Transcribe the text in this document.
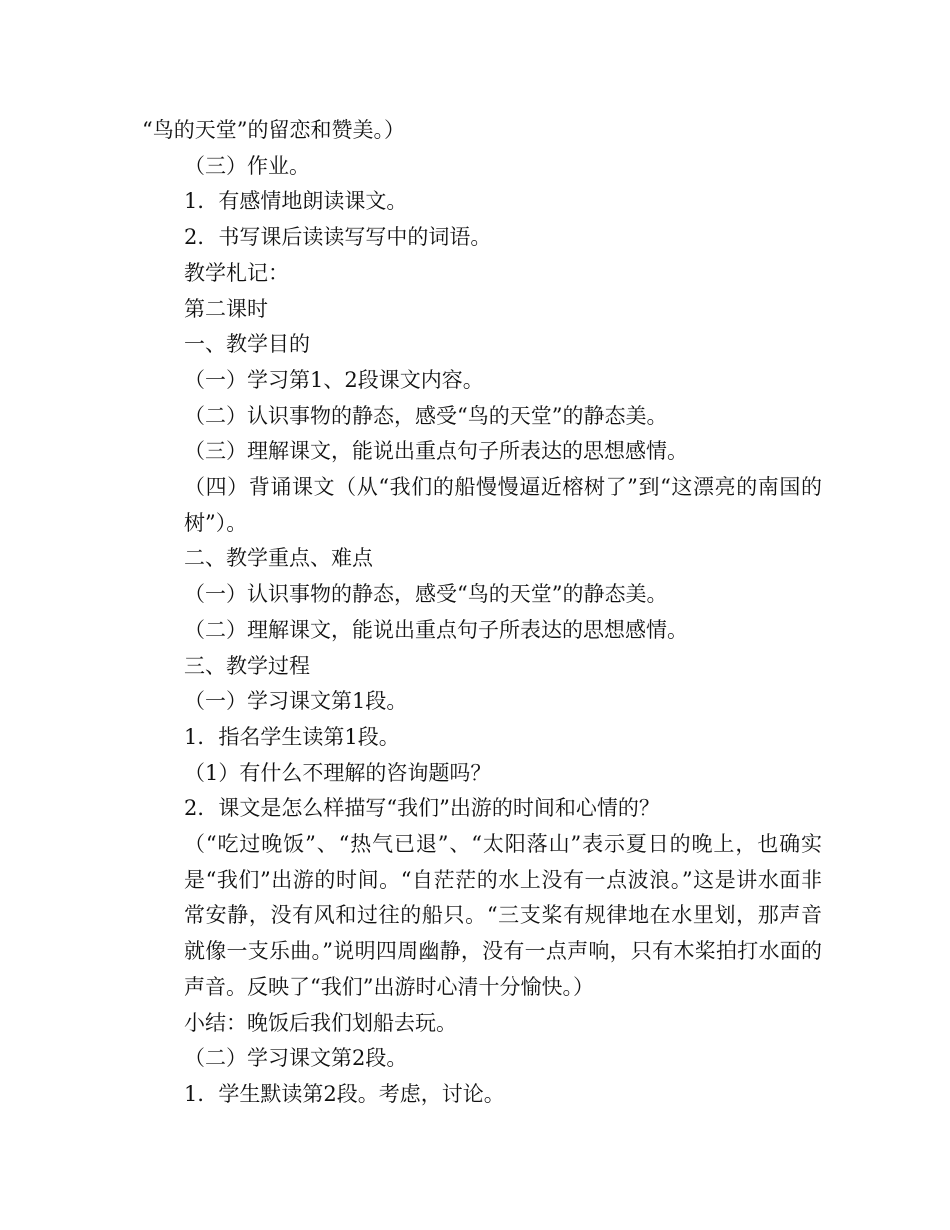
“鸟的天堂”的留恋和赞美。）

（三）作业。

1．有感情地朗读课文。

2．书写课后读读写写中的词语。

教学札记：

第二课时

一、教学目的

（一）学习第1、2段课文内容。

（二）认识事物的静态，感受“鸟的天堂”的静态美。

（三）理解课文，能说出重点句子所表达的思想感情。

（四）背诵课文（从“我们的船慢慢逼近榕树了”到“这漂亮的南国的树”）。

二、教学重点、难点

（一）认识事物的静态，感受“鸟的天堂”的静态美。

（二）理解课文，能说出重点句子所表达的思想感情。

三、教学过程

（一）学习课文第1段。

1．指名学生读第1段。

（1）有什么不理解的咨询题吗？

2．课文是怎么样描写“我们”出游的时间和心情的？

（“吃过晚饭”、“热气已退”、“太阳落山”表示夏日的晚上，也确实是“我们”出游的时间。“自茫茫的水上没有一点波浪。”这是讲水面非常安静，没有风和过往的船只。“三支桨有规律地在水里划，那声音就像一支乐曲。”说明四周幽静，没有一点声响，只有木桨拍打水面的声音。反映了“我们”出游时心清十分愉快。）

小结：晚饭后我们划船去玩。

（二）学习课文第2段。

1．学生默读第2段。考虑，讨论。
